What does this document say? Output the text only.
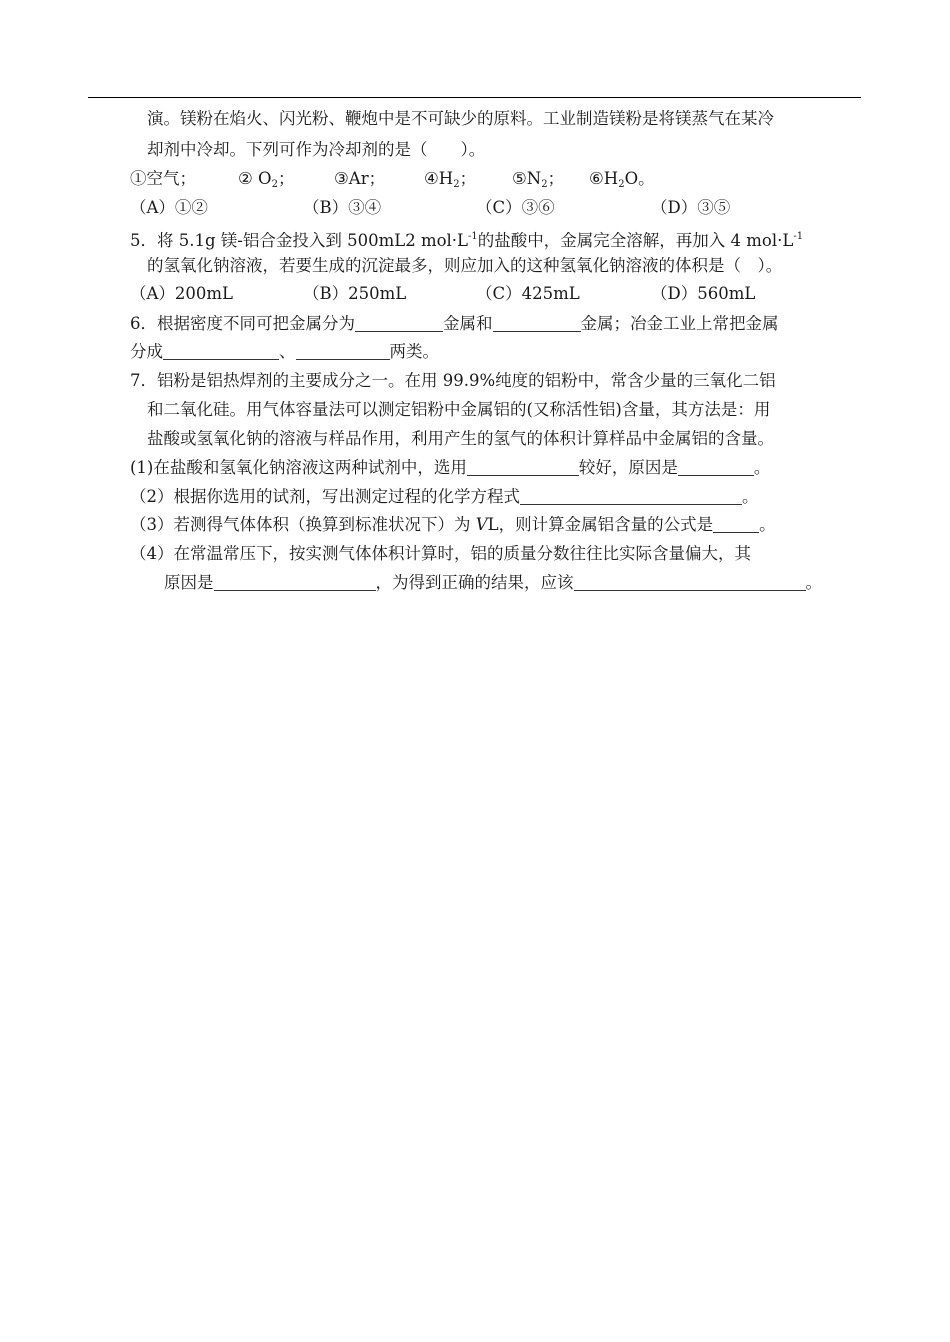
演。镁粉在焰火、闪光粉、鞭炮中是不可缺少的原料。工业制造镁粉是将镁蒸气在某冷
却剂中冷却。下列可作为冷却剂的是（　　）。
①空气；	② $O_2$； ③Ar； $④H_2$； $⑤N_2$； $⑥H_2O$。
（A）①②	（B）③④	（C）③⑥	（D）③⑤
5．将 5.1g 镁-铝合金投入到 500mL2 $mol\cdot L^{-1}$的盐酸中，金属完全溶解，再加入 4 $mol\cdot L^{-1}$
的氢氧化钠溶液，若要生成的沉淀最多，则应加入的这种氢氧化钠溶液的体积是（　）。
（A）200mL	（B）250mL	（C）425mL	（D）560mL
6．根据密度不同可把金属分为	金属和	金属；冶金工业上常把金属
分成	、	两类。
7．铝粉是铝热焊剂的主要成分之一。在用 99.9%纯度的铝粉中，常含少量的三氧化二铝
和二氧化硅。用气体容量法可以测定铝粉中金属铝的(又称活性铝)含量，其方法是：用
盐酸或氢氧化钠的溶液与样品作用，利用产生的氢气的体积计算样品中金属铝的含量。
(1)在盐酸和氢氧化钠溶液这两种试剂中，选用	较好，原因是	。
（2）根据你选用的试剂，写出测定过程的化学方程式	。
（3）若测得气体体积（换算到标准状况下）为 VL，则计算金属铝含量的公式是	。
（4）在常温常压下，按实测气体体积计算时，铝的质量分数往往比实际含量偏大，其
原因是	，为得到正确的结果，应该	。
